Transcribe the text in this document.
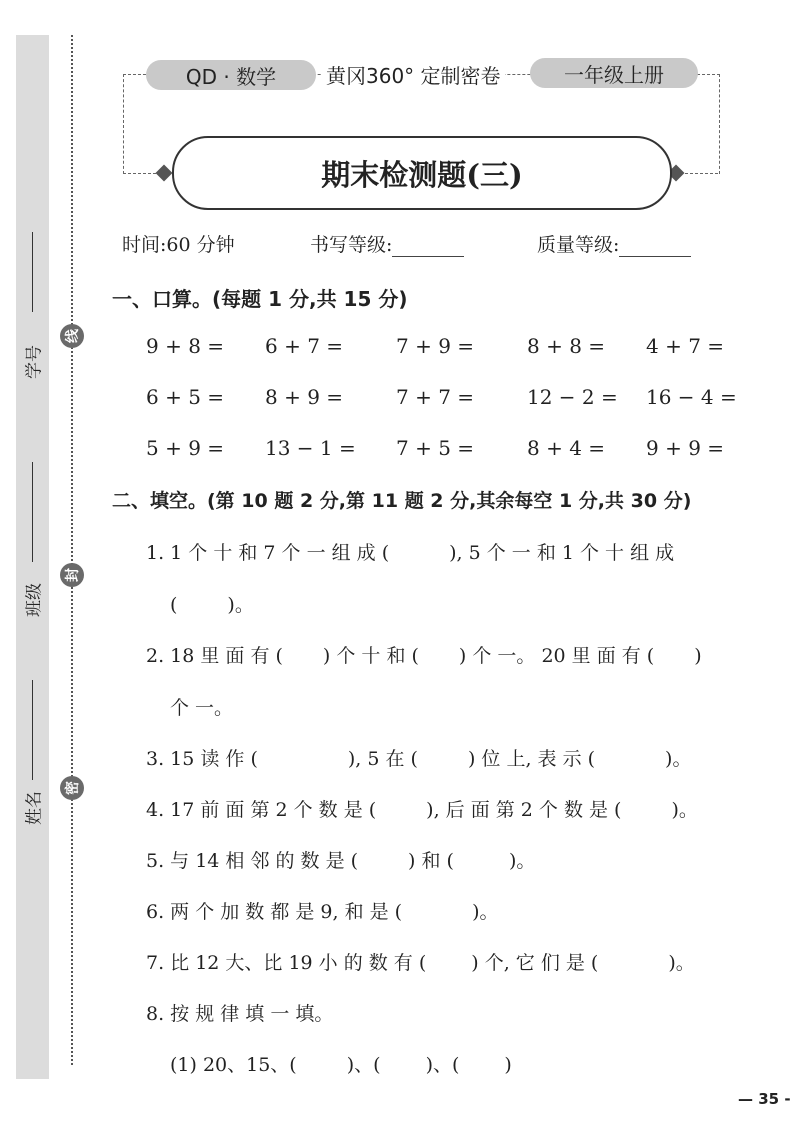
学号
班级
姓名
线
封
密
QD · 数学	黄冈360° 定制密卷	一年级上册
期末检测题(三)
时间:60 分钟	书写等级:	质量等级:
一、口算。(每题 1 分,共 15 分)
9 + 8 = 6 + 7 =	7 + 9 =	8 + 8 = 4 + 7 =
6 + 5 = 8 + 9 =	7 + 7 =	12 − 2 = 16 − 4 =
5 + 9 = 13 − 1 = 7 + 5 =	8 + 4 = 9 + 9 =
二、填空。(第 10 题 2 分,第 11 题 2 分,其余每空 1 分,共 30 分)
1. 1 个 十 和 7 个 一 组 成 (	), 5 个 一 和 1 个 十 组 成
(	)。
2. 18 里 面 有 ( ) 个 十 和 ( ) 个 一。 20 里 面 有 ( )
个 一。
3. 15 读 作 (	), 5 在 (	) 位 上, 表 示 (	)。
4. 17 前 面 第 2 个 数 是 (	), 后 面 第 2 个 数 是 (	)。
5. 与 14 相 邻 的 数 是 (	) 和 (	)。
6. 两 个 加 数 都 是 9, 和 是 (	)。
7. 比 12 大、比 19 小 的 数 有 ( ) 个, 它 们 是 (	)。
8. 按 规 律 填 一 填。
(1) 20、15、(	)、( )、( )
— 35 -
